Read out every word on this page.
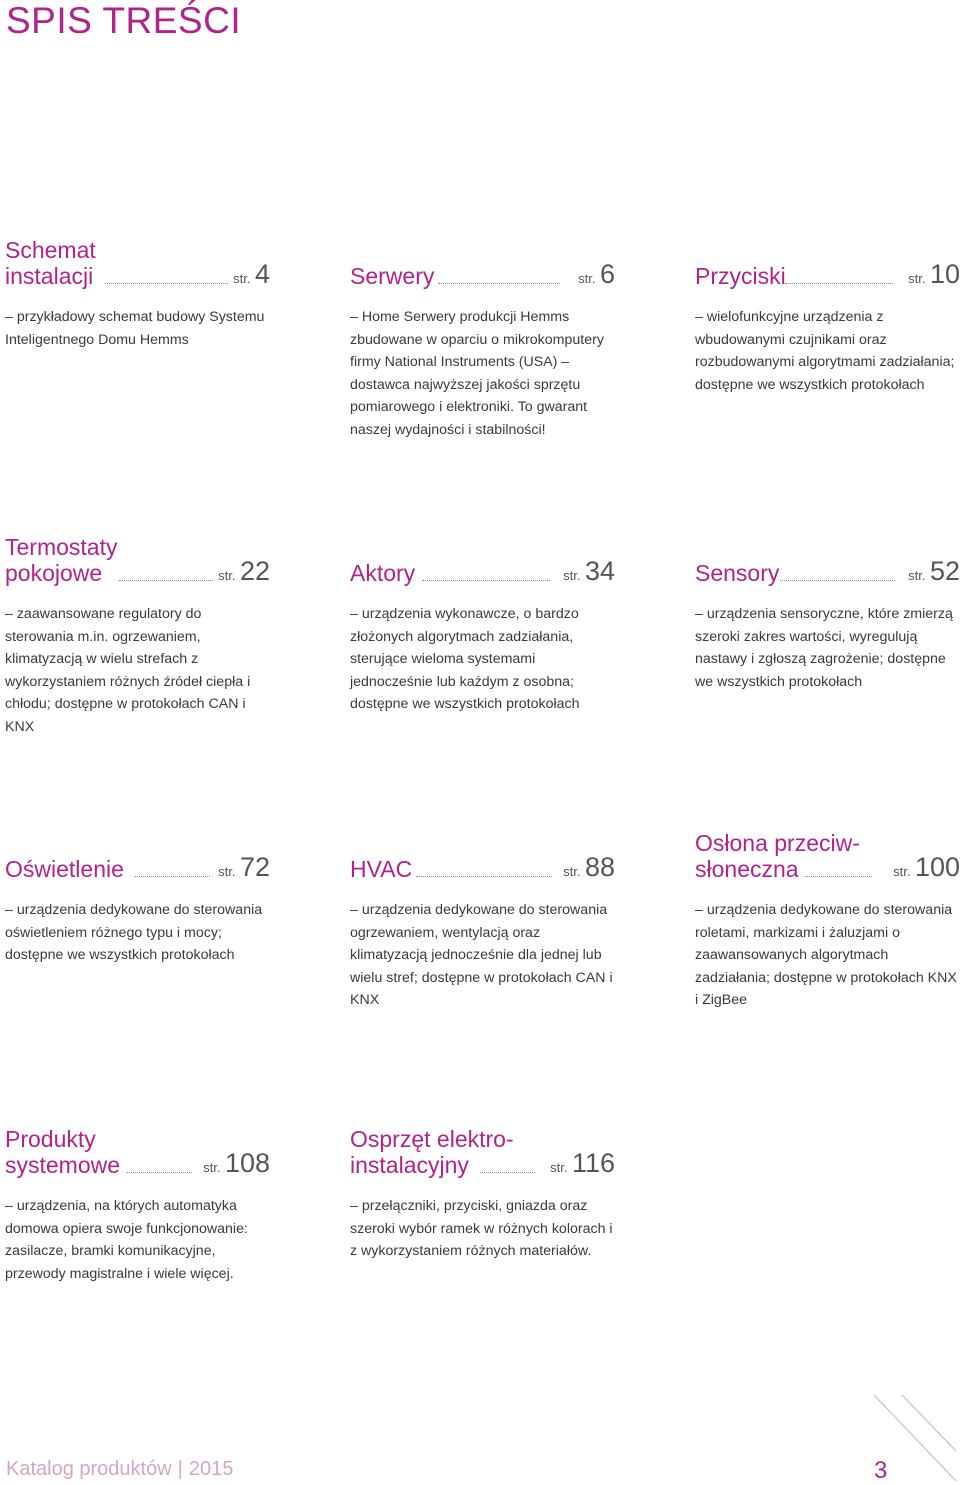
SPIS TREŚCI
Schemat
instalacji	str. 4
– przykładowy schemat budowy Systemu Inteligentnego Domu Hemms
Serwery	str. 6
– Home Serwery produkcji Hemms zbudowane w oparciu o mikrokomputery firmy National Instruments (USA) – dostawca najwyższej jakości sprzętu pomiarowego i elektroniki. To gwarant naszej wydajności i stabilności!
Przyciski	str. 10
– wielofunkcyjne urządzenia z wbudowanymi czujnikami oraz rozbudowanymi algorytmami zadziałania; dostępne we wszystkich protokołach
Termostaty
pokojowe	str. 22
– zaawansowane regulatory do sterowania m.in. ogrzewaniem, klimatyzacją w wielu strefach z wykorzystaniem różnych źródeł ciepła i chłodu; dostępne w protokołach CAN i KNX
Aktory	str. 34
– urządzenia wykonawcze, o bardzo złożonych algorytmach zadziałania, sterujące wieloma systemami jednocześnie lub każdym z osobna; dostępne we wszystkich protokołach
Sensory	str. 52
– urządzenia sensoryczne, które zmierzą szeroki zakres wartości, wyregulują nastawy i zgłoszą zagrożenie; dostępne we wszystkich protokołach
Oświetlenie	str. 72
– urządzenia dedykowane do sterowania oświetleniem różnego typu i mocy; dostępne we wszystkich protokołach
HVAC	str. 88
– urządzenia dedykowane do sterowania ogrzewaniem, wentylacją oraz klimatyzacją jednocześnie dla jednej lub wielu stref; dostępne w protokołach CAN i KNX
Osłona przeciw-
słoneczna	str. 100
– urządzenia dedykowane do sterowania roletami, markizami i żaluzjami o zaawansowanych algorytmach zadziałania; dostępne w protokołach KNX i ZigBee
Produkty
systemowe	str. 108
– urządzenia, na których automatyka domowa opiera swoje funkcjonowanie: zasilacze, bramki komunikacyjne, przewody magistralne i wiele więcej.
Osprzęt elektro-
instalacyjny	str. 116
– przełączniki, przyciski, gniazda oraz szeroki wybór ramek w różnych kolorach i z wykorzystaniem różnych materiałów.
Katalog produktów | 2015	3
